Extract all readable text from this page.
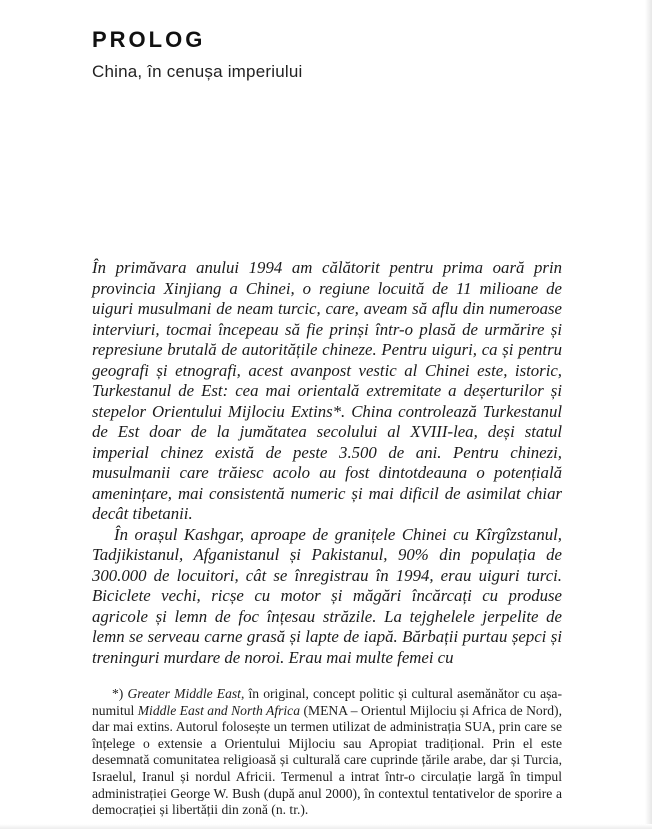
PROLOG
China, în cenușa imperiului

În primăvara anului 1994 am călătorit pentru prima oară prin provincia Xinjiang a Chinei, o regiune locuită de 11 milioane de uiguri musulmani de neam turcic, care, aveam să aflu din numeroase interviuri, tocmai începeau să fie prinși într-o plasă de urmărire și represiune brutală de autoritățile chineze. Pentru uiguri, ca și pentru geografi și etnografi, acest avanpost vestic al Chinei este, istoric, Turkestanul de Est: cea mai orientală extremitate a deșerturilor și stepelor Orientului Mijlociu Extins*. China controlează Turkestanul de Est doar de la jumătatea secolului al XVIII-lea, deși statul imperial chinez există de peste 3.500 de ani. Pentru chinezi, musulmanii care trăiesc acolo au fost dintotdeauna o potențială amenințare, mai consistentă numeric și mai dificil de asimilat chiar decât tibetanii.

În orașul Kashgar, aproape de granițele Chinei cu Kîrgîzstanul, Tadjikistanul, Afganistanul și Pakistanul, 90% din populația de 300.000 de locuitori, cât se înregistrau în 1994, erau uiguri turci. Biciclete vechi, ricșe cu motor și măgări încărcați cu produse agricole și lemn de foc înțesau străzile. La tejghelele jerpelite de lemn se serveau carne grasă și lapte de iapă. Bărbații purtau șepci și treninguri murdare de noroi. Erau mai multe femei cu

*) Greater Middle East, în original, concept politic și cultural asemănător cu așa-numitul Middle East and North Africa (MENA – Orientul Mijlociu și Africa de Nord), dar mai extins. Autorul folosește un termen utilizat de administrația SUA, prin care se înțelege o extensie a Orientului Mijlociu sau Apropiat tradițional. Prin el este desemnată comunitatea religioasă și culturală care cuprinde țările arabe, dar și Turcia, Israelul, Iranul și nordul Africii. Termenul a intrat într-o circulație largă în timpul administrației George W. Bush (după anul 2000), în contextul tentativelor de sporire a democrației și libertății din zonă (n. tr.).
